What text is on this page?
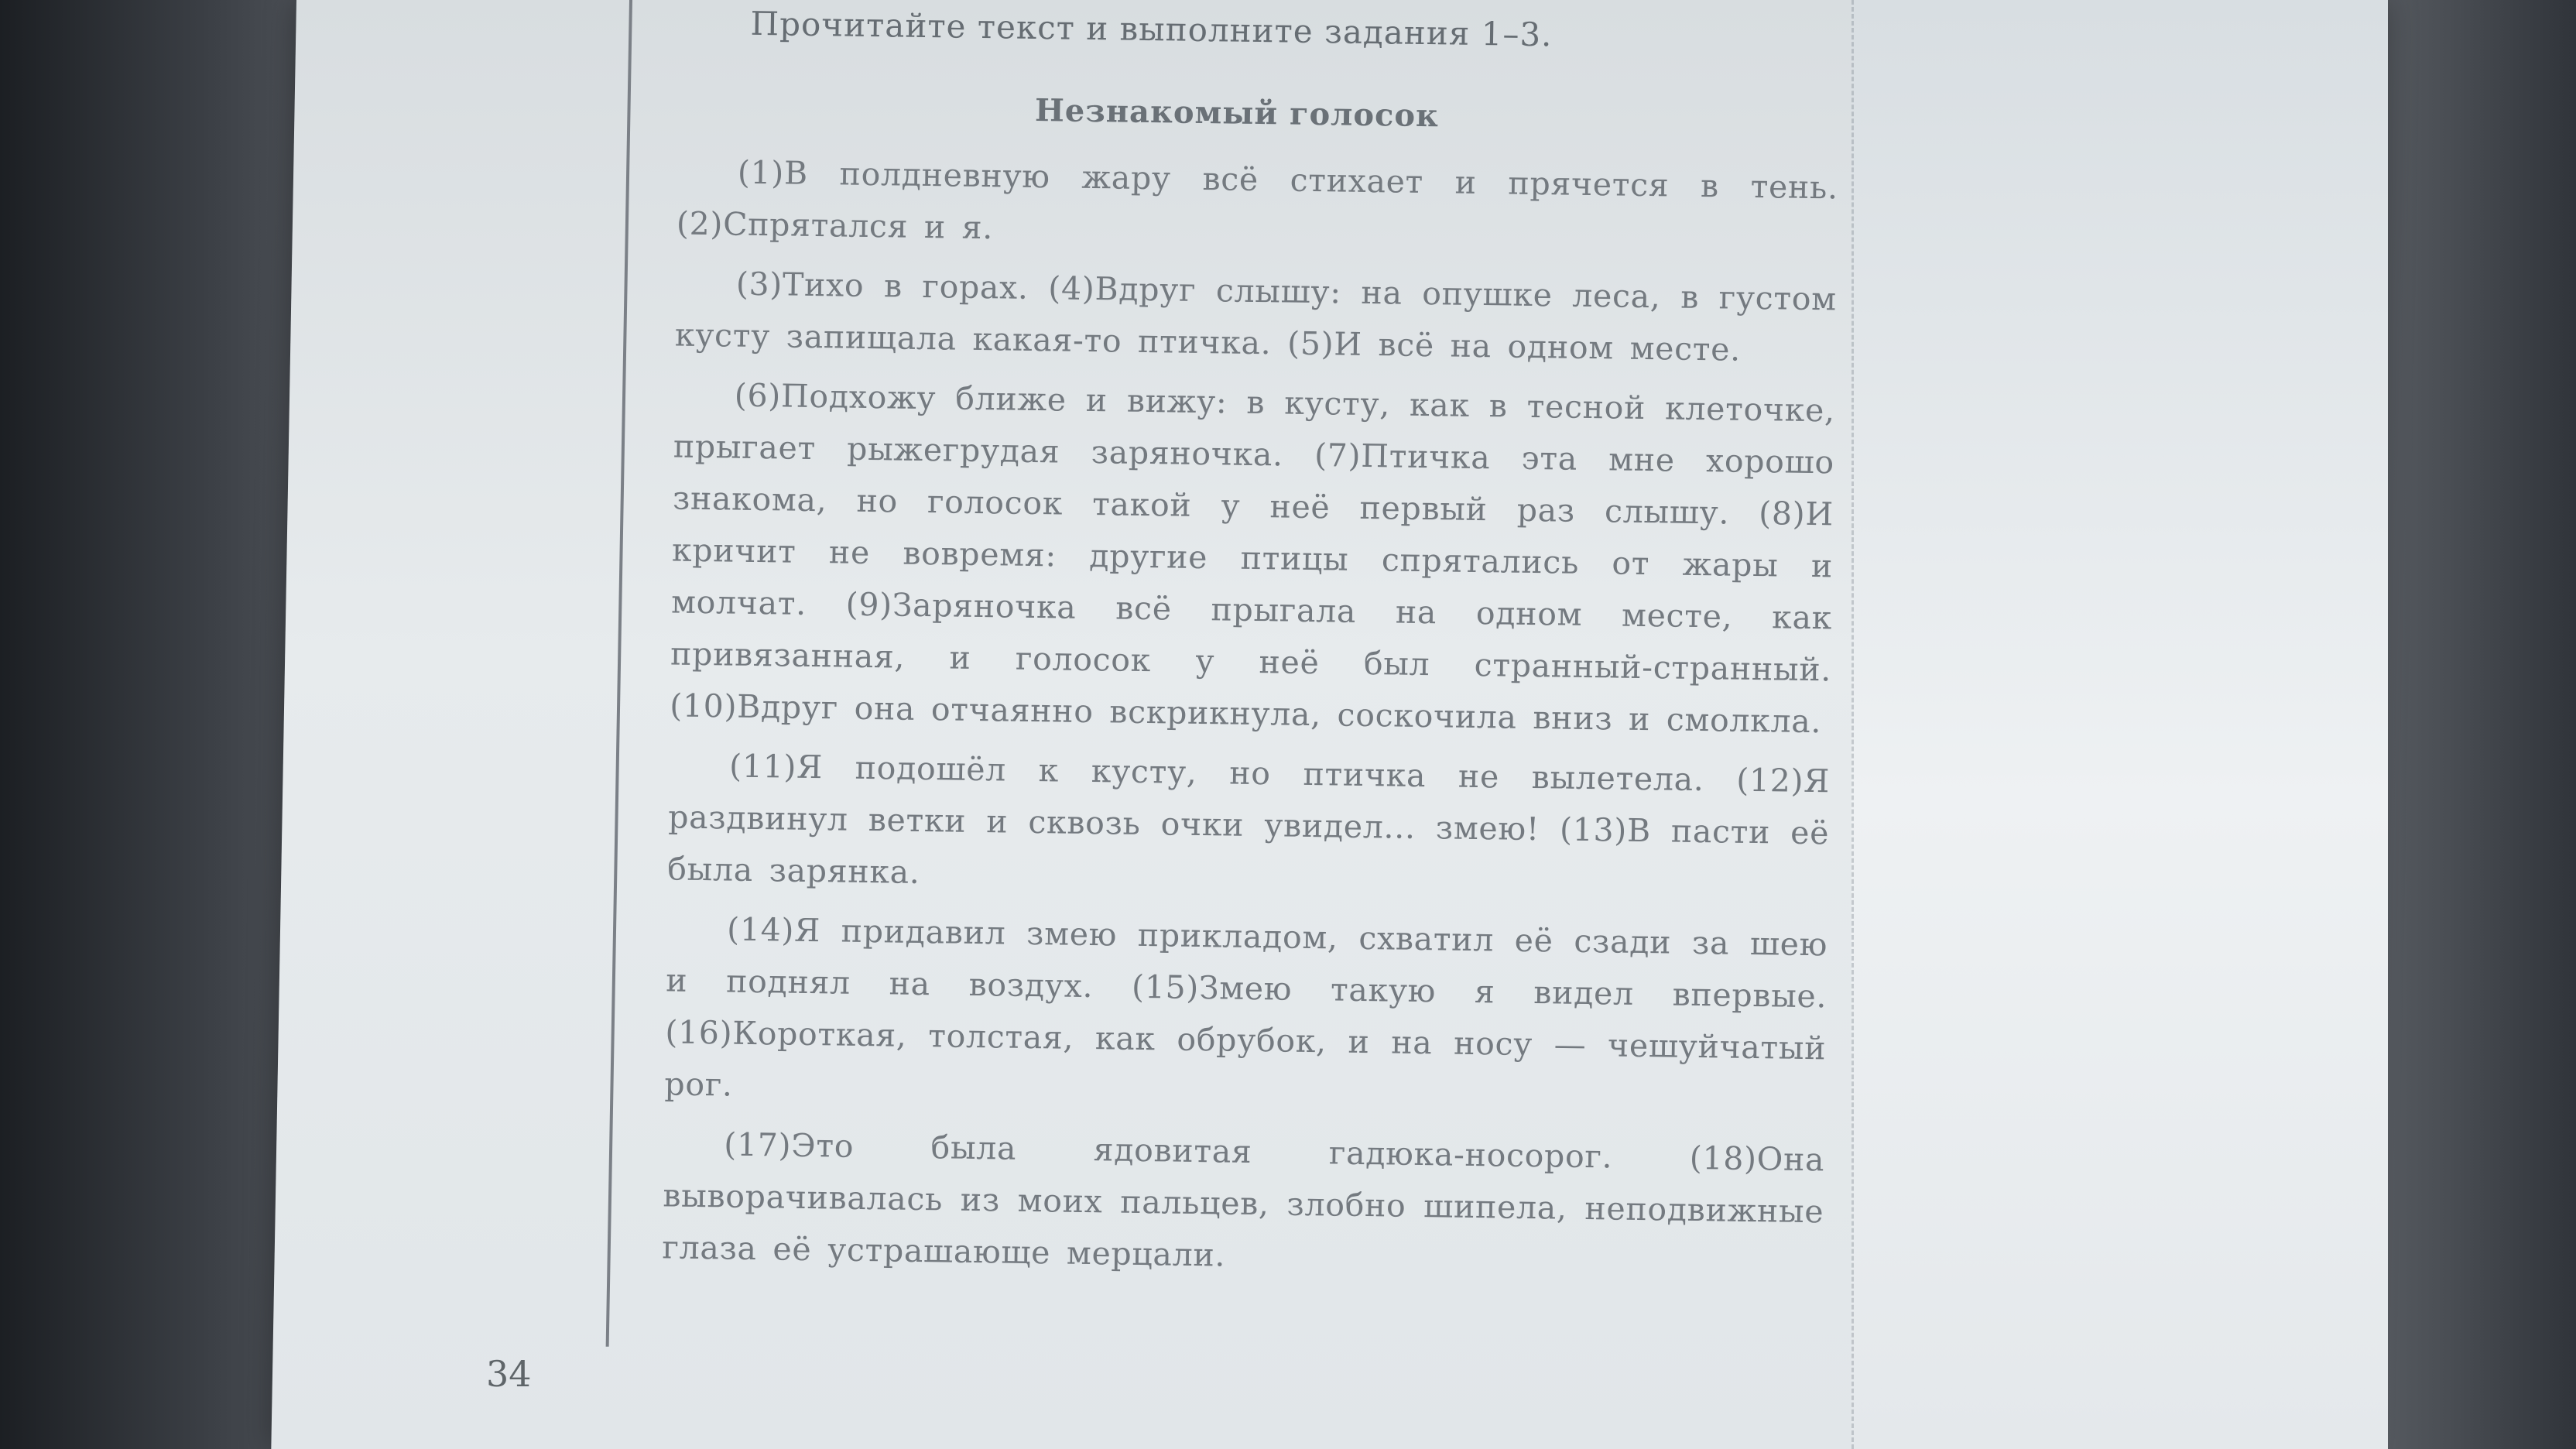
Прочитайте текст и выполните задания 1–3.
Незнакомый голосок

(1)В полдневную жару всё стихает и прячется в тень. (2)Спрятался и я.

(3)Тихо в горах. (4)Вдруг слышу: на опушке леса, в густом кусту запищала какая-то птичка. (5)И всё на одном месте.

(6)Подхожу ближе и вижу: в кусту, как в тесной клеточке, прыгает рыжегрудая заряночка. (7)Птичка эта мне хорошо знакома, но голосок такой у неё первый раз слышу. (8)И кричит не вовремя: другие птицы спрятались от жары и молчат. (9)Заряночка всё прыгала на одном месте, как привязанная, и голосок у неё был странный-странный. (10)Вдруг она отчаянно вскрикнула, соскочила вниз и смолкла.

(11)Я подошёл к кусту, но птичка не вылетела. (12)Я раздвинул ветки и сквозь очки увидел... змею! (13)В пасти её была зарянка.

(14)Я придавил змею прикладом, схватил её сзади за шею и поднял на воздух. (15)Змею такую я видел впервые. (16)Короткая, толстая, как обрубок, и на носу — чешуйчатый рог.

(17)Это была ядовитая гадюка-носорог. (18)Она выворачивалась из моих пальцев, злобно шипела, неподвижные глаза её устрашающе мерцали.

34
